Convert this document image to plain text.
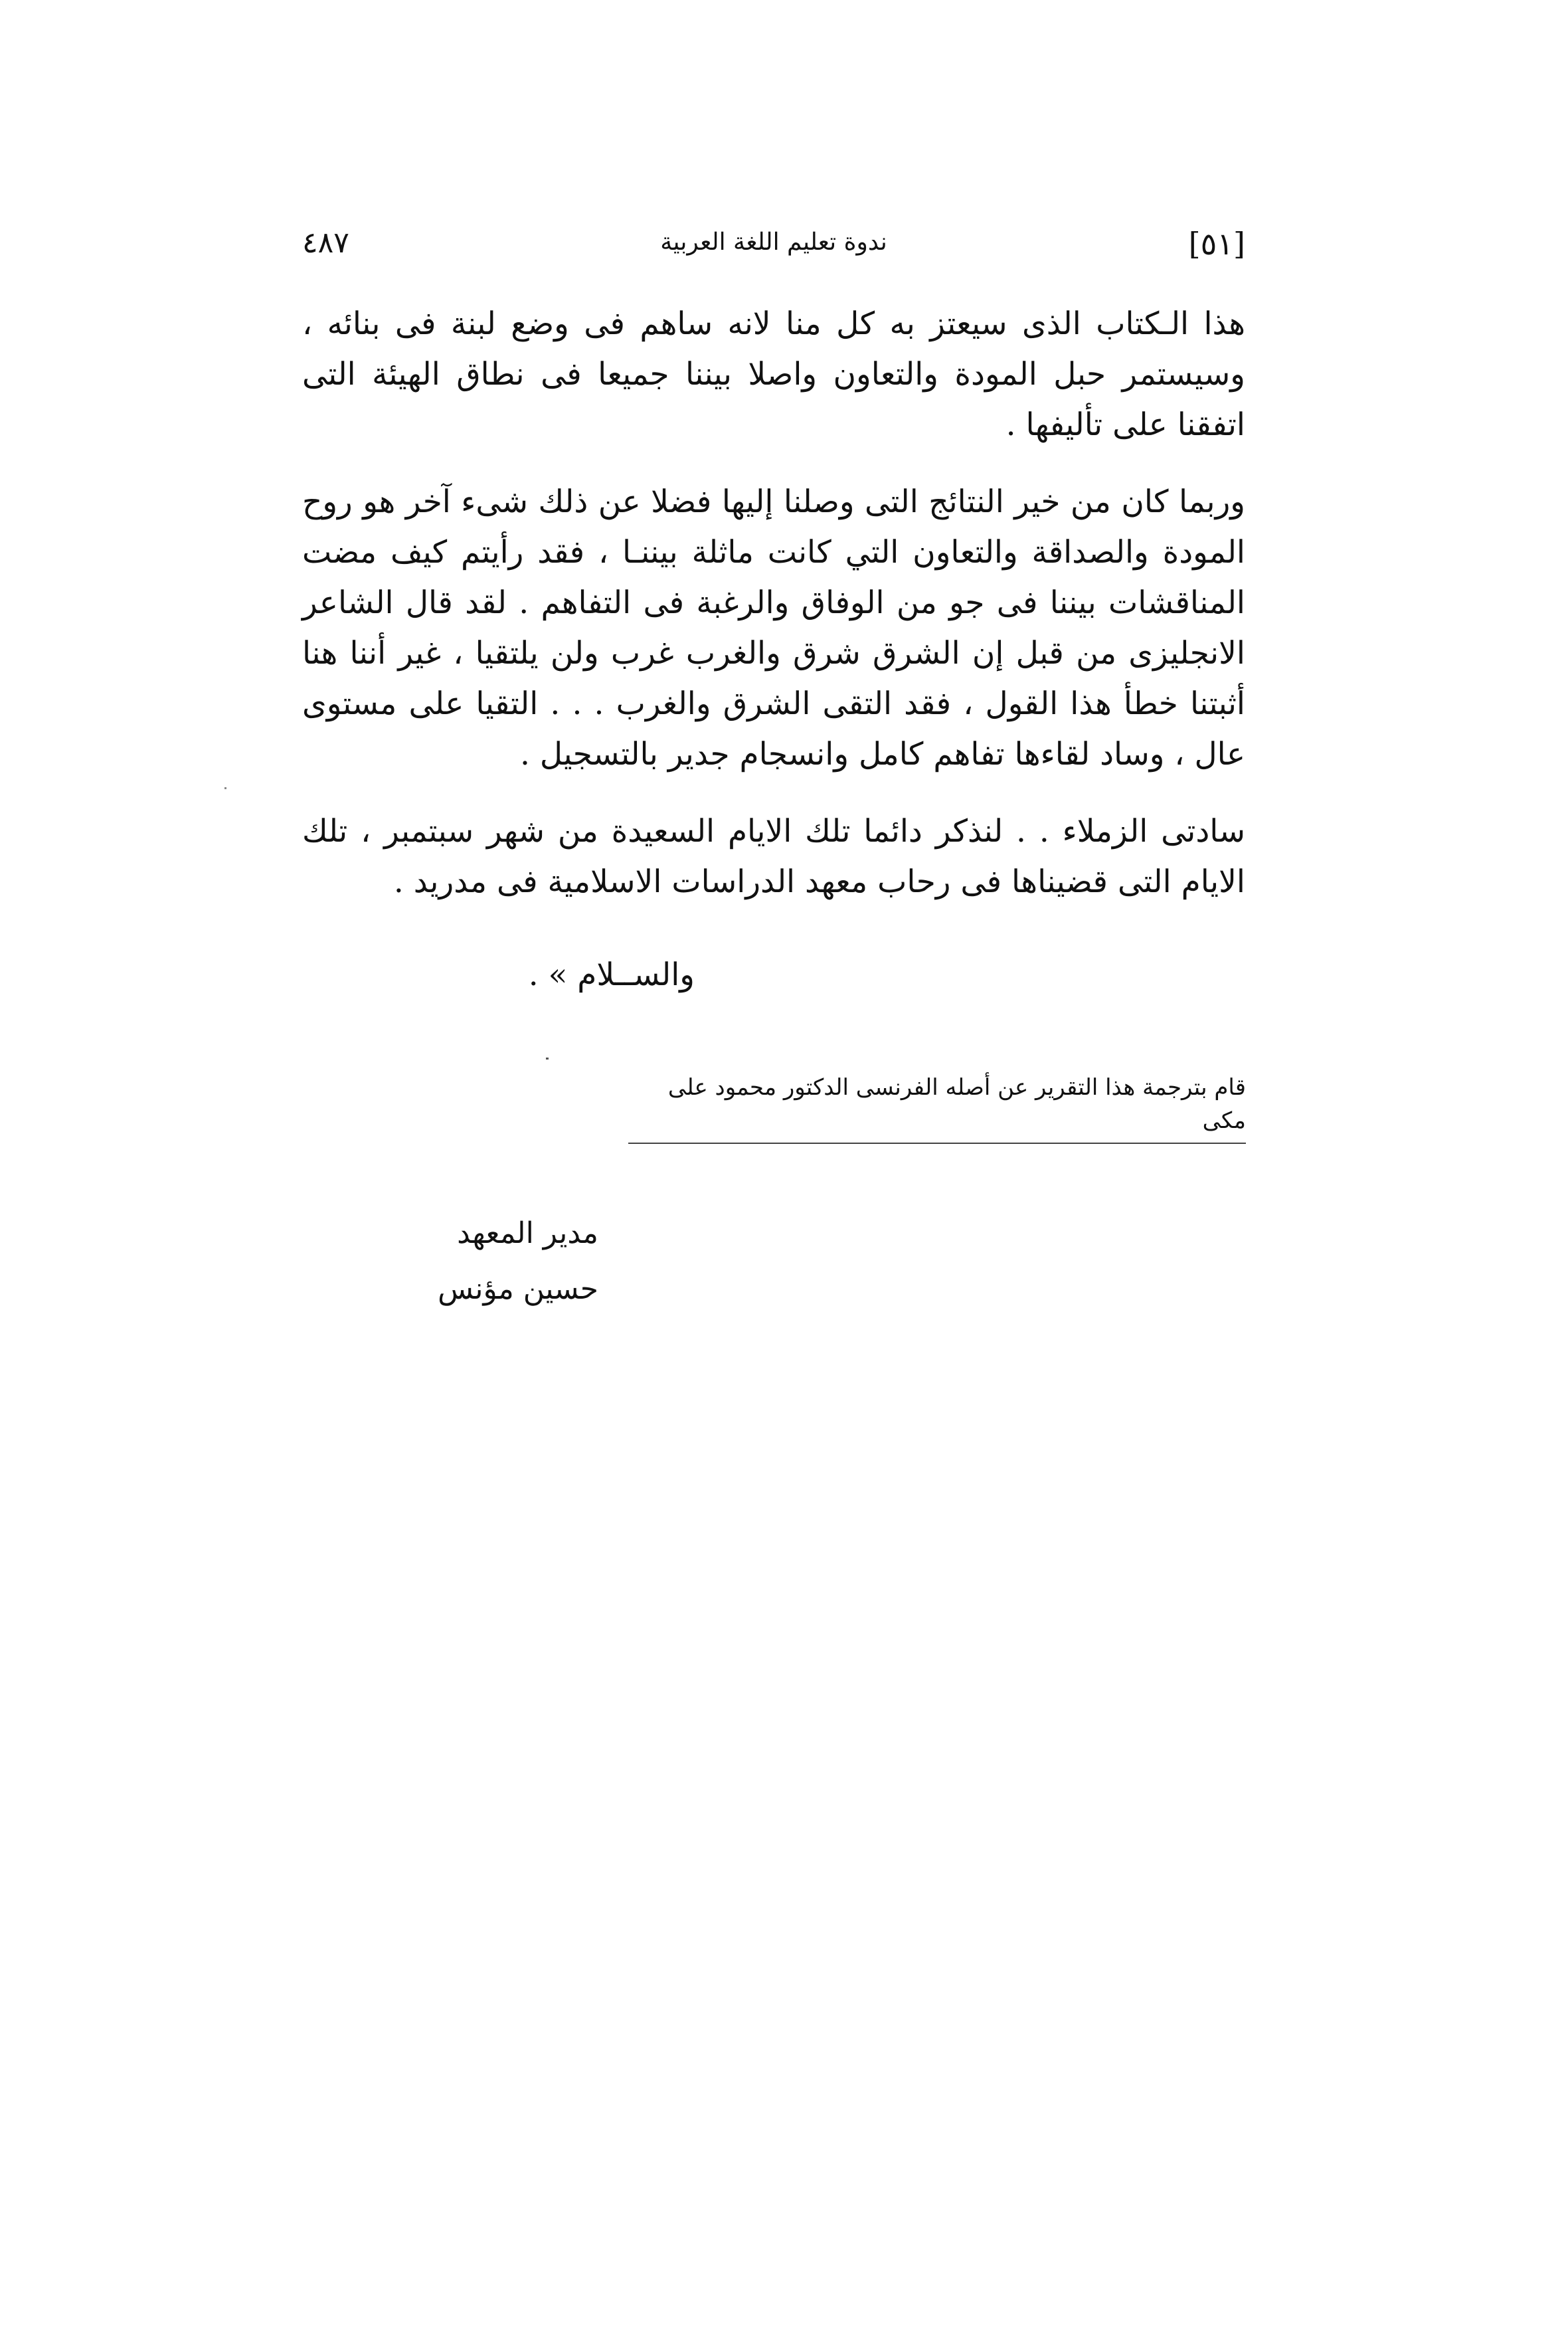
[٥١]
ندوة تعليم اللغة العربية
٤٨٧

هذا الـكتاب الذى سيعتز به كل منا لانه ساهم فى وضع لبنة فى بنائه ، وسيستمر حبل المودة والتعاون واصلا بيننا جميعا فى نطاق الهيئة التى اتفقنا على تأليفها .

وربما كان من خير النتائج التى وصلنا إليها فضلا عن ذلك شىء آخر هو روح المودة والصداقة والتعاون التي كانت ماثلة بيننـا ، فقد رأيتم كيف مضت المناقشات بيننا فى جو من الوفاق والرغبة فى التفاهم . لقد قال الشاعر الانجليزى من قبل إن الشرق شرق والغرب غرب ولن يلتقيا ، غير أننا هنا أثبتنا خطأ هذا القول ، فقد التقى الشرق والغرب . . . التقيا على مستوى عال ، وساد لقاءها تفاهم كامل وانسجام جدير بالتسجيل .

سادتى الزملاء . . لنذكر دائما تلك الايام السعيدة من شهر سبتمبر ، تلك الايام التى قضيناها فى رحاب معهد الدراسات الاسلامية فى مدريد .

والســلام » .
قام بترجمة هذا التقرير عن أصله الفرنسى الدكتور محمود على مكى
مدير المعهد
حسين مؤنس
